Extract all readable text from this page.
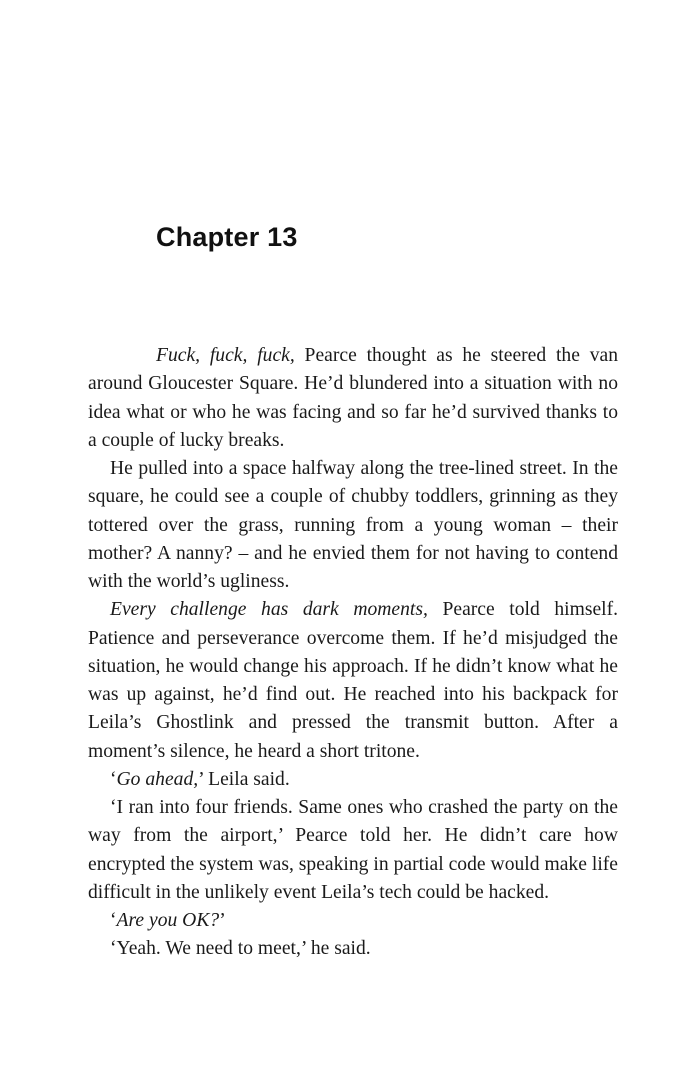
Chapter 13

Fuck, fuck, fuck, Pearce thought as he steered the van around Gloucester Square. He’d blundered into a situation with no idea what or who he was facing and so far he’d survived thanks to a couple of lucky breaks.

He pulled into a space halfway along the tree-lined street. In the square, he could see a couple of chubby toddlers, grinning as they tottered over the grass, running from a young woman – their mother? A nanny? – and he envied them for not having to contend with the world’s ugliness.

Every challenge has dark moments, Pearce told himself. Patience and perseverance overcome them. If he’d misjudged the situation, he would change his approach. If he didn’t know what he was up against, he’d find out. He reached into his backpack for Leila’s Ghostlink and pressed the transmit button. After a moment’s silence, he heard a short tritone.

‘Go ahead,’ Leila said.

‘I ran into four friends. Same ones who crashed the party on the way from the airport,’ Pearce told her. He didn’t care how encrypted the system was, speaking in partial code would make life difficult in the unlikely event Leila’s tech could be hacked.

‘Are you OK?’

‘Yeah. We need to meet,’ he said.
